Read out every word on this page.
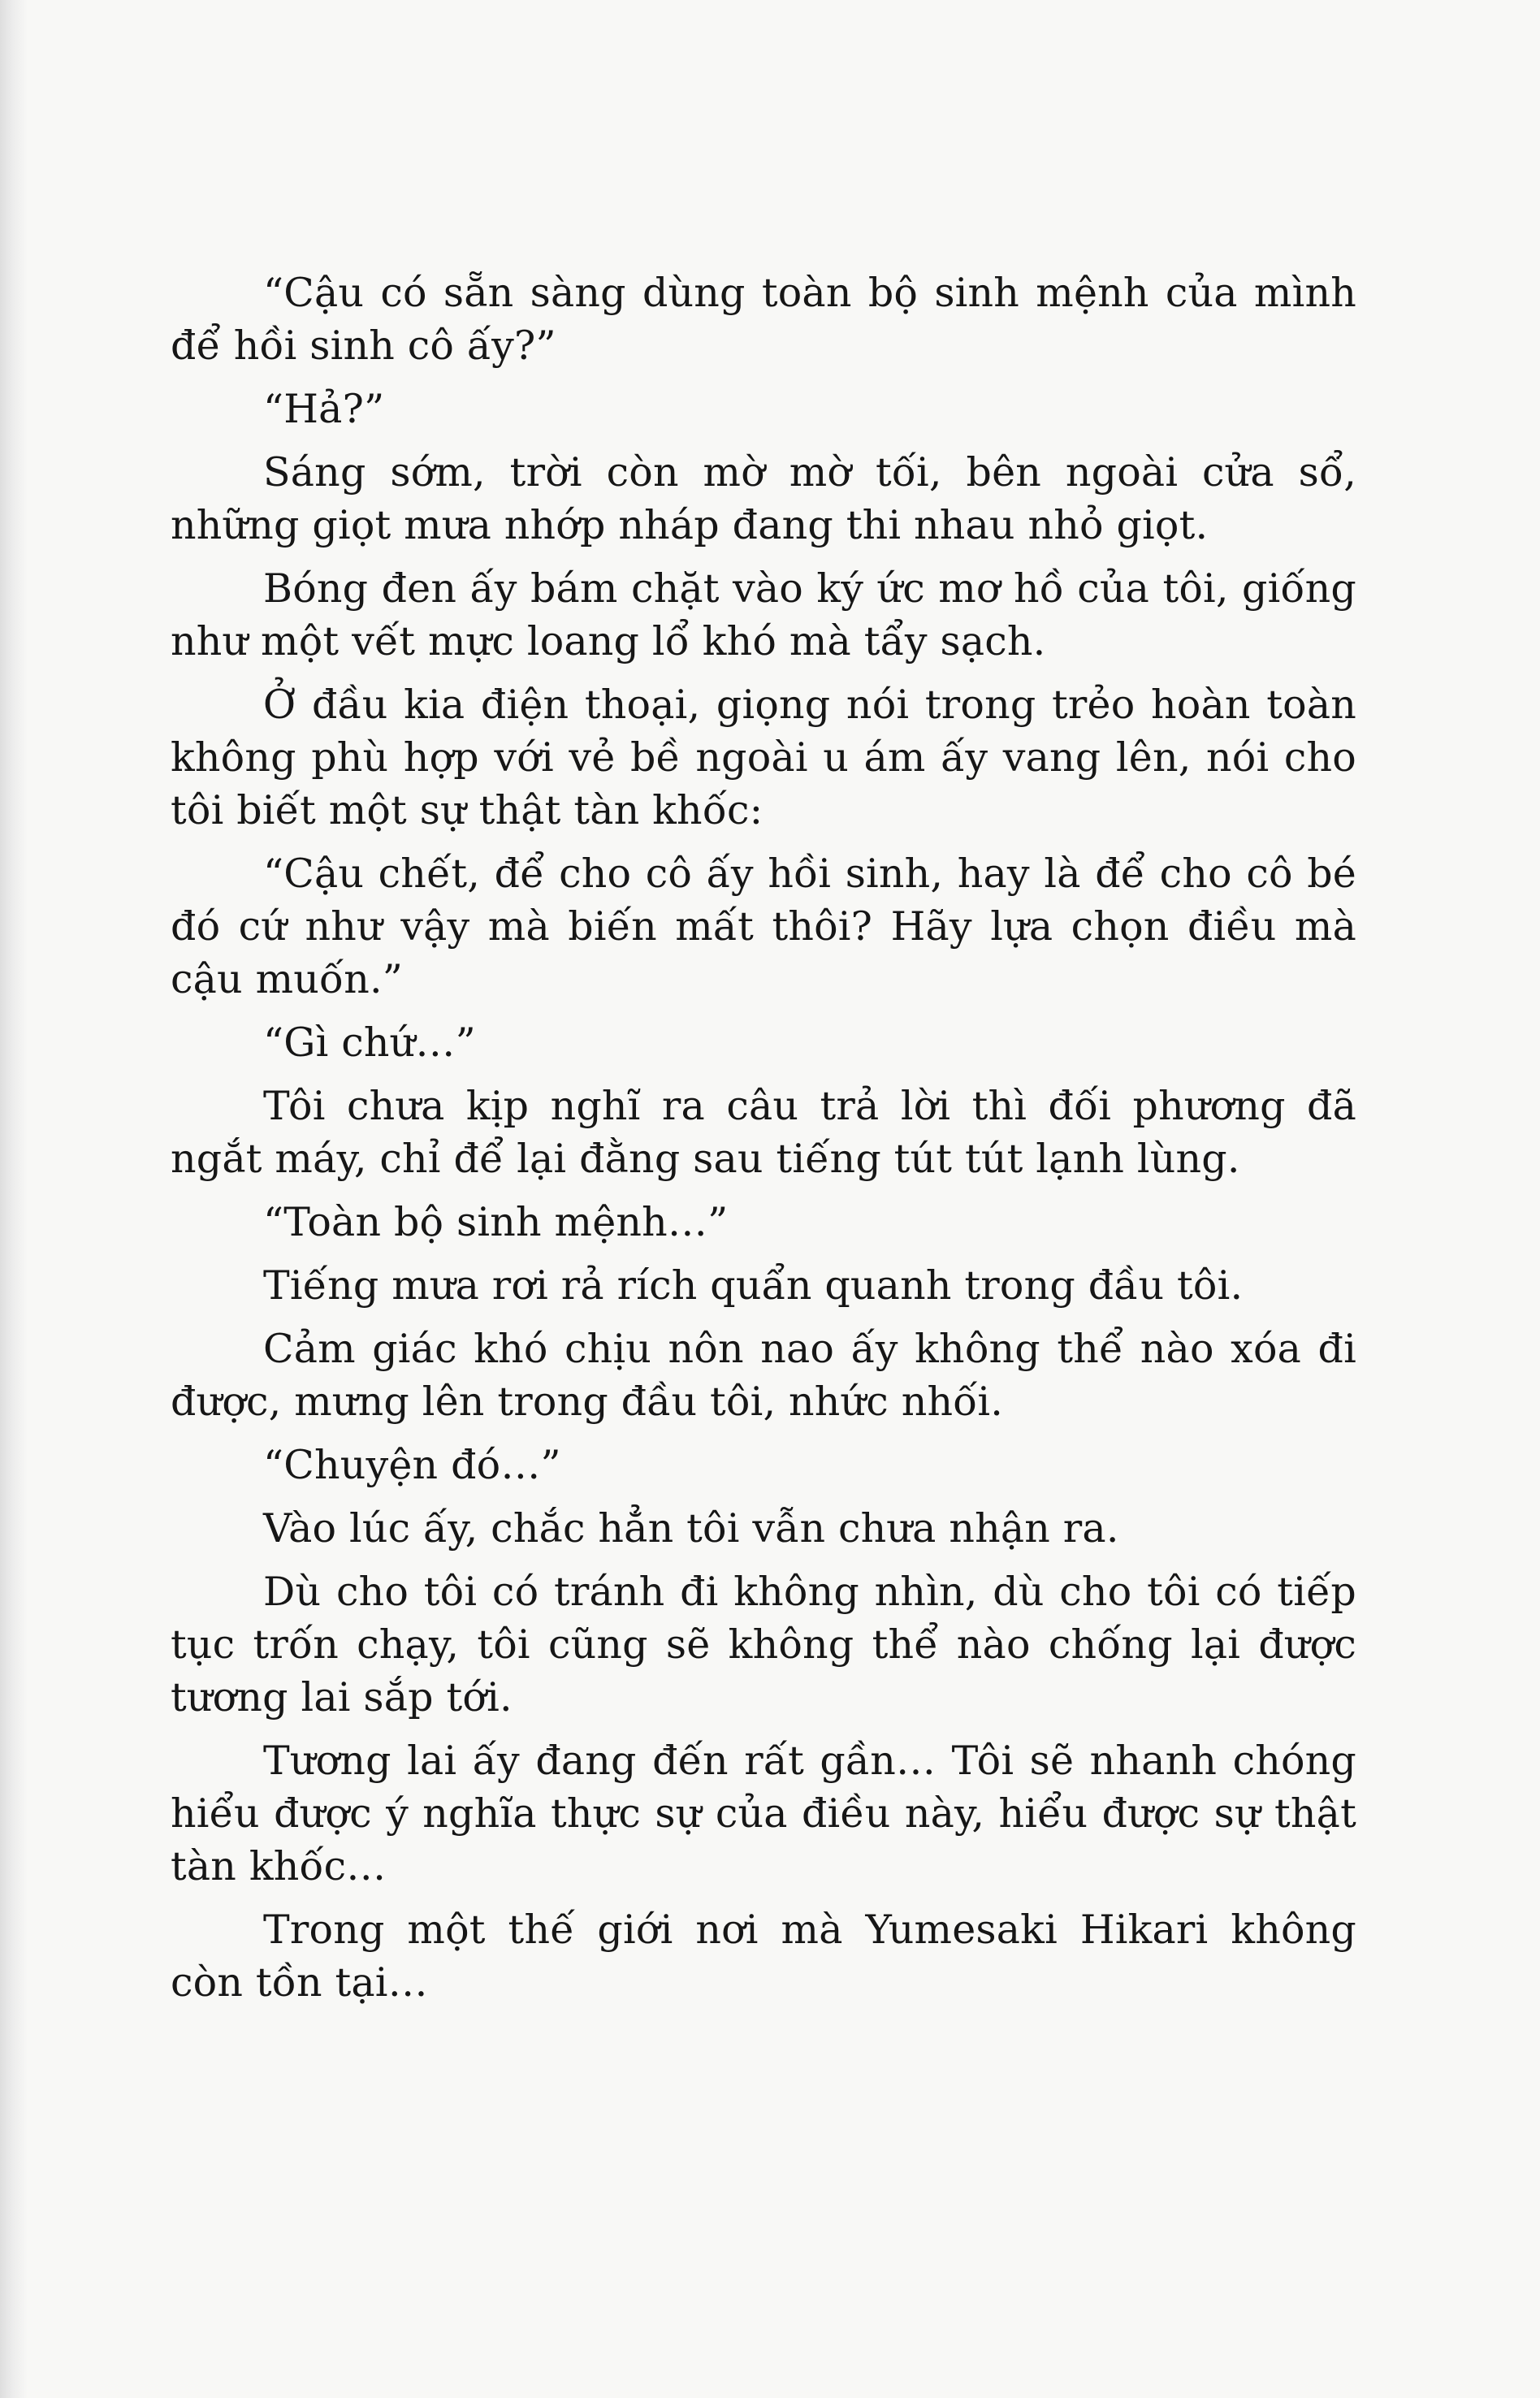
“Cậu có sẵn sàng dùng toàn bộ sinh mệnh của mình để hồi sinh cô ấy?”

“Hả?”

Sáng sớm, trời còn mờ mờ tối, bên ngoài cửa sổ, những giọt mưa nhớp nháp đang thi nhau nhỏ giọt.

Bóng đen ấy bám chặt vào ký ức mơ hồ của tôi, giống như một vết mực loang lổ khó mà tẩy sạch.

Ở đầu kia điện thoại, giọng nói trong trẻo hoàn toàn không phù hợp với vẻ bề ngoài u ám ấy vang lên, nói cho tôi biết một sự thật tàn khốc:

“Cậu chết, để cho cô ấy hồi sinh, hay là để cho cô bé đó cứ như vậy mà biến mất thôi? Hãy lựa chọn điều mà cậu muốn.”

“Gì chứ…”

Tôi chưa kịp nghĩ ra câu trả lời thì đối phương đã ngắt máy, chỉ để lại đằng sau tiếng tút tút lạnh lùng.

“Toàn bộ sinh mệnh…”

Tiếng mưa rơi rả rích quẩn quanh trong đầu tôi.

Cảm giác khó chịu nôn nao ấy không thể nào xóa đi được, mưng lên trong đầu tôi, nhức nhối.

“Chuyện đó…”

Vào lúc ấy, chắc hẳn tôi vẫn chưa nhận ra.

Dù cho tôi có tránh đi không nhìn, dù cho tôi có tiếp tục trốn chạy, tôi cũng sẽ không thể nào chống lại được tương lai sắp tới.

Tương lai ấy đang đến rất gần… Tôi sẽ nhanh chóng hiểu được ý nghĩa thực sự của điều này, hiểu được sự thật tàn khốc…

Trong một thế giới nơi mà Yumesaki Hikari không còn tồn tại…
